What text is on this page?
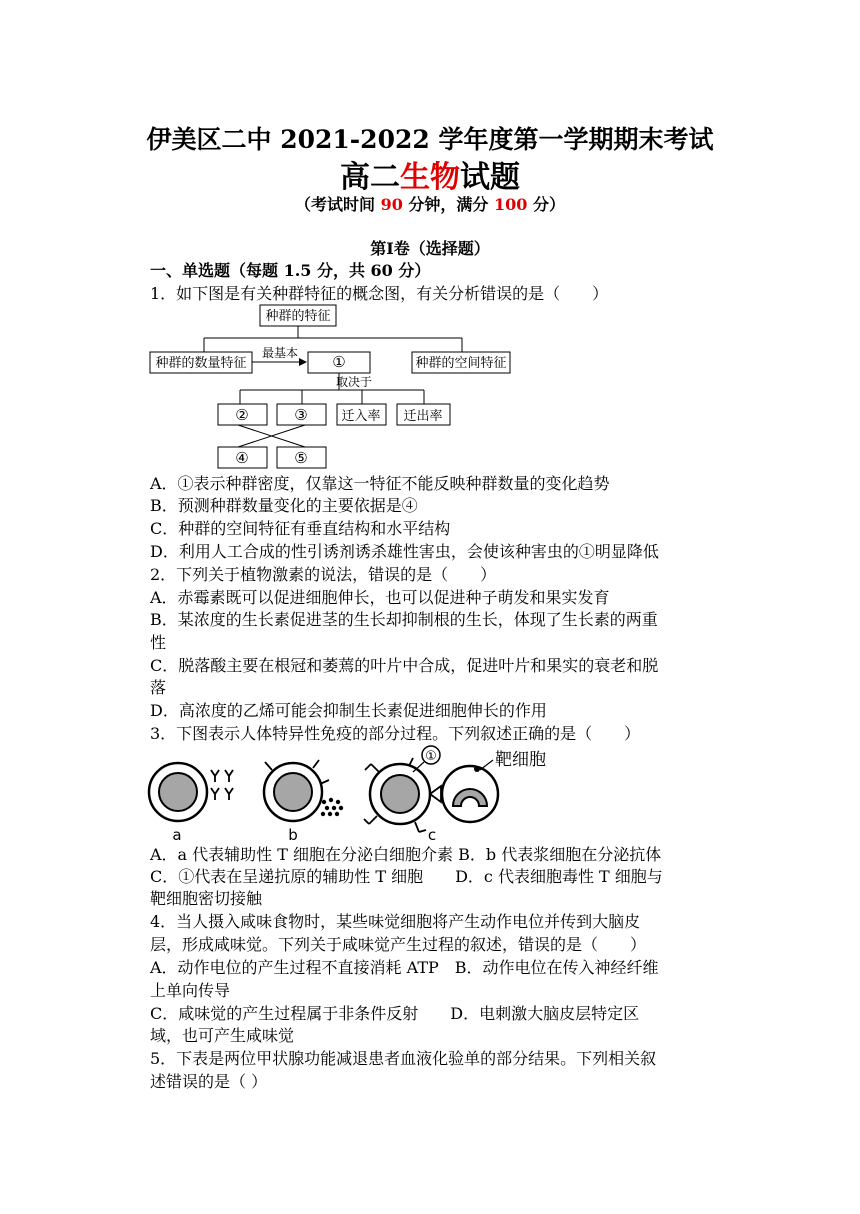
伊美区二中 2021-2022 学年度第一学期期末考试
高二生物试题
（考试时间 90 分钟，满分 100 分）
第Ⅰ卷（选择题）
一、单选题（每题 1.5 分，共 60 分）
1．如下图是有关种群特征的概念图，有关分析错误的是（　　）
种群的特征
种群的数量特征	种群的空间特征
①
最基本
取决于
②	③	迁入率 迁出率
④	⑤
A．①表示种群密度，仅靠这一特征不能反映种群数量的变化趋势
B．预测种群数量变化的主要依据是④
C．种群的空间特征有垂直结构和水平结构
D．利用人工合成的性引诱剂诱杀雄性害虫，会使该种害虫的①明显降低
2．下列关于植物激素的说法，错误的是（　　）
A．赤霉素既可以促进细胞伸长，也可以促进种子萌发和果实发育
B．某浓度的生长素促进茎的生长却抑制根的生长，体现了生长素的两重
性
C．脱落酸主要在根冠和萎蔫的叶片中合成，促进叶片和果实的衰老和脱
落
D．高浓度的乙烯可能会抑制生长素促进细胞伸长的作用
3．下图表示人体特异性免疫的部分过程。下列叙述正确的是（　　）
a	b	c
①	靶细胞
A．a 代表辅助性 T 细胞在分泌白细胞介素 B．b 代表浆细胞在分泌抗体
C．①代表在呈递抗原的辅助性 T 细胞　　D．c 代表细胞毒性 T 细胞与
靶细胞密切接触
4．当人摄入咸味食物时，某些味觉细胞将产生动作电位并传到大脑皮
层，形成咸味觉。下列关于咸味觉产生过程的叙述，错误的是（　　）
A．动作电位的产生过程不直接消耗 ATP　B．动作电位在传入神经纤维
上单向传导
C．咸味觉的产生过程属于非条件反射　　D．电刺激大脑皮层特定区
域，也可产生咸味觉
5．下表是两位甲状腺功能减退患者血液化验单的部分结果。下列相关叙
述错误的是（ ）
